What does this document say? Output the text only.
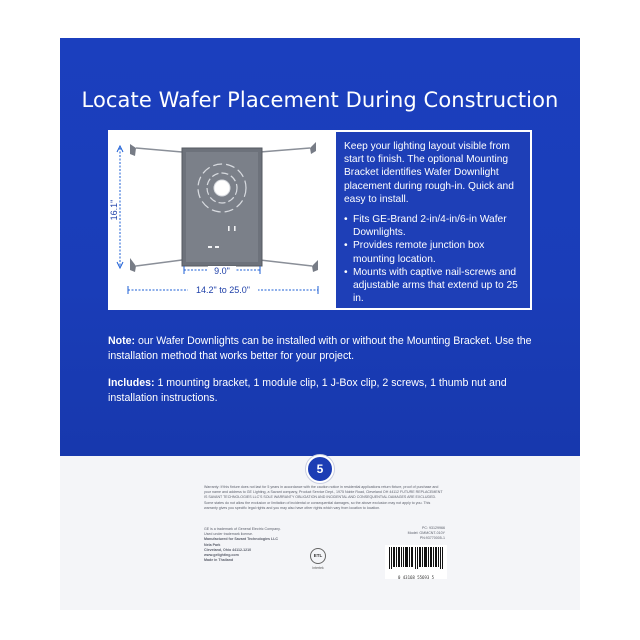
Locate Wafer Placement During Construction
16.1"
9.0"
14.2" to 25.0"

Keep your lighting layout visible from start to finish. The optional Mounting Bracket identifies Wafer Downlight placement during rough-in. Quick and easy to install.

• Fits GE-Brand 2-in/4-in/6-in Wafer Downlights.
• Provides remote junction box mounting location.
• Mounts with captive nail-screws and adjustable arms that extend up to 25 in.

Note: our Wafer Downlights can be installed with or without the Mounting Bracket. Use the installation method that works better for your project.

Includes: 1 mounting bracket, 1 module clip, 1 J-Box clip, 2 screws, 1 thumb nut and installation instructions.

5

Warranty: If this fixture does not last for 5 years in accordance with the caution notice in residential applications return fixture, proof of purchase and your name and address to GE Lighting, a Savant company, Product Service Dept., 1975 Noble Road, Cleveland OH 44112 FUTURE REPLACEMENT IS SAVANT TECHNOLOGIES LLC'S SOLE WARRANTY OBLIGATION AND INCIDENTAL AND CONSEQUENTIAL DAMAGES ARE EXCLUDED. Some states do not allow the exclusion or limitation of incidental or consequential damages, so the above exclusion may not apply to you. This warranty gives you specific legal rights and you may also have other rights which vary from location to location.

GE is a trademark of General Electric Company.
Used under trademark license.
Manufactured for Savant Technologies LLC
Nela Park
Cleveland, Ohio 44112-1210
www.gelighting.com
Made in Thailand
PC: 93129966
Model: GMMCNT-010Y
PN:93770005-1
ETL
Intertek
0 43168 55693 5
